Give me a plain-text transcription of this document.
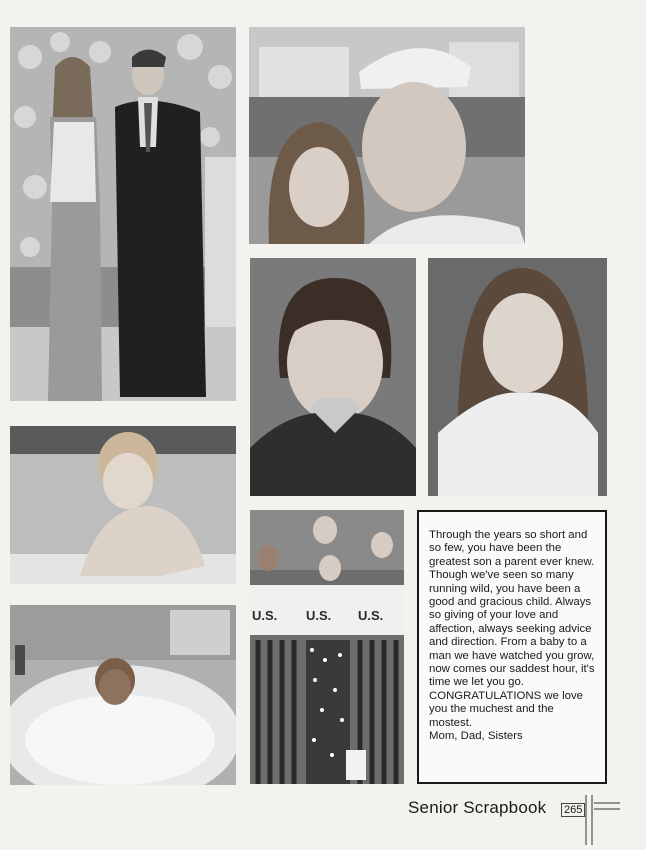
U.S. U.S. U.S.

Through the years so short and so few, you have been the greatest son a parent ever knew. Though we've seen so many running wild, you have been a good and gracious child. Always so giving of your love and affection, always seeking advice and direction. From a baby to a man we have watched you grow, now comes our saddest hour, it's time we let you go. CONGRATULATIONS we love you the muchest and the mostest.

Mom, Dad, Sisters

Senior Scrapbook 265
